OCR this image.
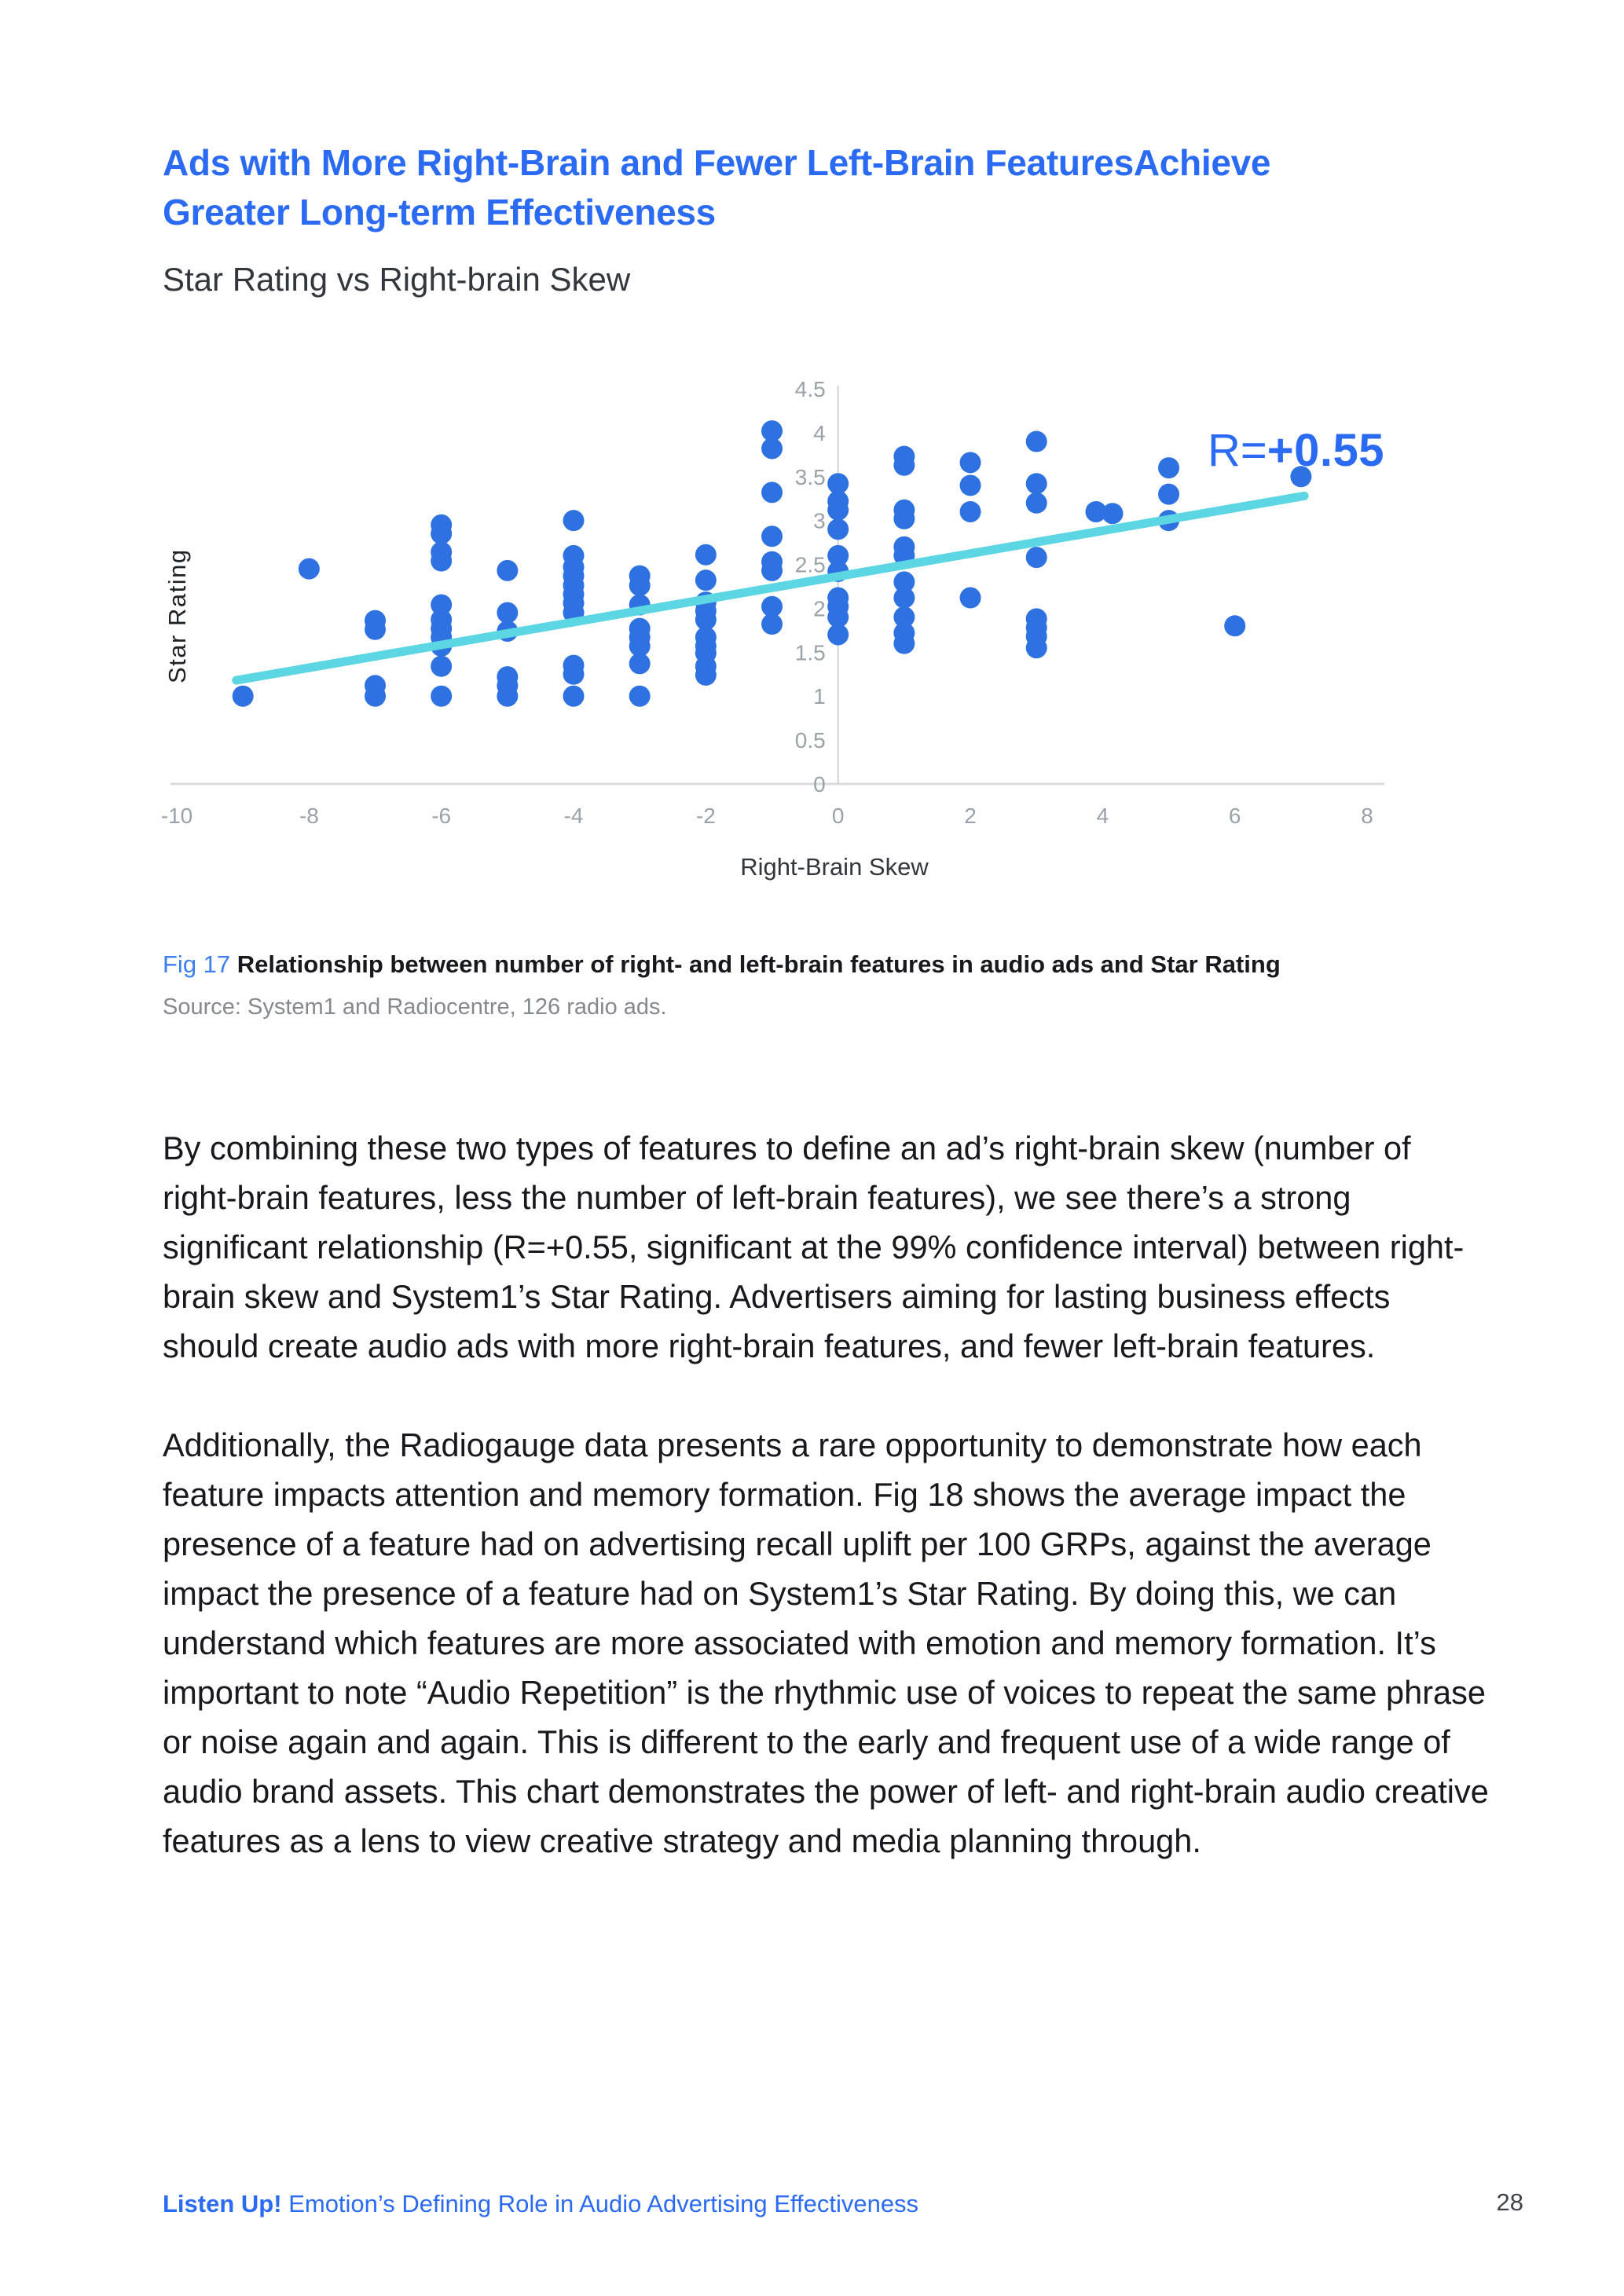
Ads with More Right-Brain and Fewer Left-Brain FeaturesAchieve Greater Long-term Effectiveness
Star Rating vs Right-brain Skew
0
0.5
1
1.5
2
2.5
3
3.5
4
4.5
-10	-8	-6	-4	-2	0	2	4	6	8
Star Rating
Right-Brain Skew
R=+0.55
Fig 17 Relationship between number of right- and left-brain features in audio ads and Star Rating
Source: System1 and Radiocentre, 126 radio ads.

By combining these two types of features to define an ad’s right-brain skew (number of right-brain features, less the number of left-brain features), we see there’s a strong significant relationship (R=+0.55, significant at the 99% confidence interval) between right-brain skew and System1’s Star Rating. Advertisers aiming for lasting business effects should create audio ads with more right-brain features, and fewer left-brain features.

Additionally, the Radiogauge data presents a rare opportunity to demonstrate how each feature impacts attention and memory formation. Fig 18 shows the average impact the presence of a feature had on advertising recall uplift per 100 GRPs, against the average impact the presence of a feature had on System1’s Star Rating. By doing this, we can understand which features are more associated with emotion and memory formation. It’s important to note “Audio Repetition” is the rhythmic use of voices to repeat the same phrase or noise again and again. This is different to the early and frequent use of a wide range of audio brand assets. This chart demonstrates the power of left- and right-brain audio creative features as a lens to view creative strategy and media planning through.

Listen Up! Emotion’s Defining Role in Audio Advertising Effectiveness	28
